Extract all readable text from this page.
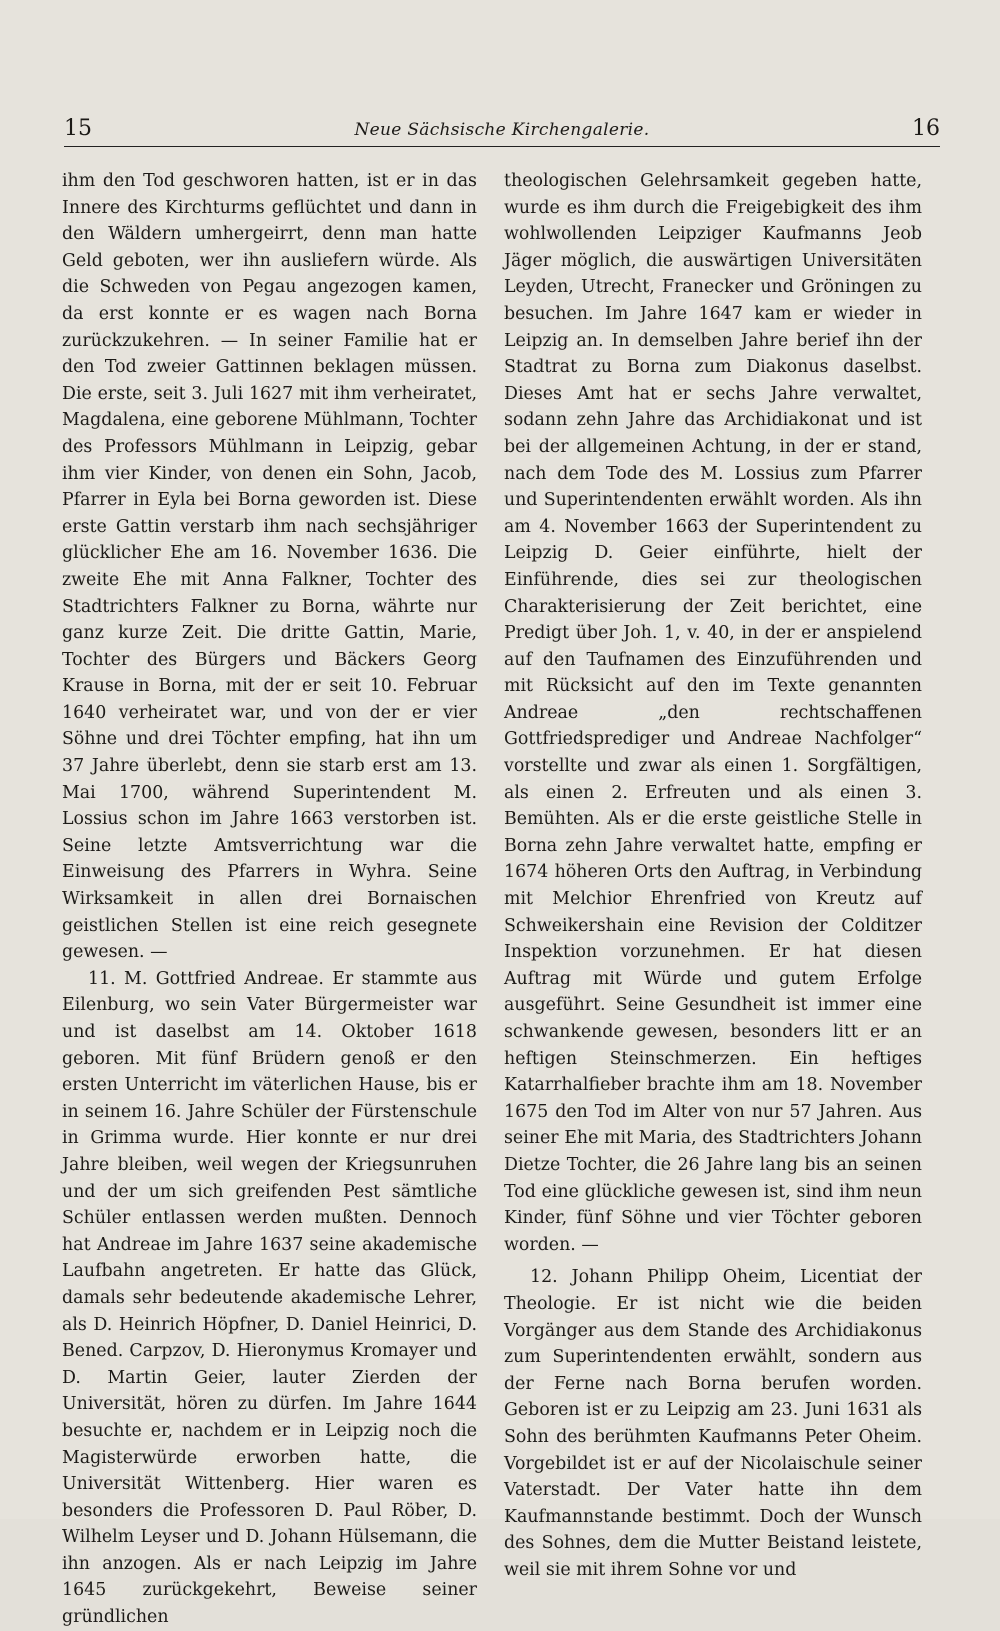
15	Neue Sächsische Kirchengalerie.	16

ihm den Tod geschworen hatten, ist er in das Innere des Kirchturms geflüchtet und dann in den Wäldern umhergeirrt, denn man hatte Geld geboten, wer ihn ausliefern würde. Als die Schweden von Pegau angezogen kamen, da erst konnte er es wagen nach Borna zurückzukehren. — In seiner Familie hat er den Tod zweier Gattinnen beklagen müssen. Die erste, seit 3. Juli 1627 mit ihm verheiratet, Magdalena, eine geborene Mühlmann, Tochter des Professors Mühlmann in Leipzig, gebar ihm vier Kinder, von denen ein Sohn, Jacob, Pfarrer in Eyla bei Borna geworden ist. Diese erste Gattin verstarb ihm nach sechsjähriger glücklicher Ehe am 16. November 1636. Die zweite Ehe mit Anna Falkner, Tochter des Stadtrichters Falkner zu Borna, währte nur ganz kurze Zeit. Die dritte Gattin, Marie, Tochter des Bürgers und Bäckers Georg Krause in Borna, mit der er seit 10. Februar 1640 verheiratet war, und von der er vier Söhne und drei Töchter empfing, hat ihn um 37 Jahre überlebt, denn sie starb erst am 13. Mai 1700, während Superintendent M. Lossius schon im Jahre 1663 verstorben ist. Seine letzte Amtsverrichtung war die Einweisung des Pfarrers in Wyhra. Seine Wirksamkeit in allen drei Bornaischen geistlichen Stellen ist eine reich gesegnete gewesen. —

11. M. Gottfried Andreae. Er stammte aus Eilenburg, wo sein Vater Bürgermeister war und ist daselbst am 14. Oktober 1618 geboren. Mit fünf Brüdern genoß er den ersten Unterricht im väterlichen Hause, bis er in seinem 16. Jahre Schüler der Fürstenschule in Grimma wurde. Hier konnte er nur drei Jahre bleiben, weil wegen der Kriegsunruhen und der um sich greifenden Pest sämtliche Schüler entlassen werden mußten. Dennoch hat Andreae im Jahre 1637 seine akademische Laufbahn angetreten. Er hatte das Glück, damals sehr bedeutende akademische Lehrer, als D. Heinrich Höpfner, D. Daniel Heinrici, D. Bened. Carpzov, D. Hieronymus Kromayer und D. Martin Geier, lauter Zierden der Universität, hören zu dürfen. Im Jahre 1644 besuchte er, nachdem er in Leipzig noch die Magisterwürde erworben hatte, die Universität Wittenberg. Hier waren es besonders die Professoren D. Paul Röber, D. Wilhelm Leyser und D. Johann Hülsemann, die ihn anzogen. Als er nach Leipzig im Jahre 1645 zurückgekehrt, Beweise seiner gründlichen

theologischen Gelehrsamkeit gegeben hatte, wurde es ihm durch die Freigebigkeit des ihm wohlwollenden Leipziger Kaufmanns Jeob Jäger möglich, die auswärtigen Universitäten Leyden, Utrecht, Franecker und Gröningen zu besuchen. Im Jahre 1647 kam er wieder in Leipzig an. In demselben Jahre berief ihn der Stadtrat zu Borna zum Diakonus daselbst. Dieses Amt hat er sechs Jahre verwaltet, sodann zehn Jahre das Archidiakonat und ist bei der allgemeinen Achtung, in der er stand, nach dem Tode des M. Lossius zum Pfarrer und Superintendenten erwählt worden. Als ihn am 4. November 1663 der Superintendent zu Leipzig D. Geier einführte, hielt der Einführende, dies sei zur theologischen Charakterisierung der Zeit berichtet, eine Predigt über Joh. 1, v. 40, in der er anspielend auf den Taufnamen des Einzuführenden und mit Rücksicht auf den im Texte genannten Andreae „den rechtschaffenen Gottfriedsprediger und Andreae Nachfolger“ vorstellte und zwar als einen 1. Sorgfältigen, als einen 2. Erfreuten und als einen 3. Bemühten. Als er die erste geistliche Stelle in Borna zehn Jahre verwaltet hatte, empfing er 1674 höheren Orts den Auftrag, in Verbindung mit Melchior Ehrenfried von Kreutz auf Schweikershain eine Revision der Colditzer Inspektion vorzunehmen. Er hat diesen Auftrag mit Würde und gutem Erfolge ausgeführt. Seine Gesundheit ist immer eine schwankende gewesen, besonders litt er an heftigen Steinschmerzen. Ein heftiges Katarrhalfieber brachte ihm am 18. November 1675 den Tod im Alter von nur 57 Jahren. Aus seiner Ehe mit Maria, des Stadtrichters Johann Dietze Tochter, die 26 Jahre lang bis an seinen Tod eine glückliche gewesen ist, sind ihm neun Kinder, fünf Söhne und vier Töchter geboren worden. —

12. Johann Philipp Oheim, Licentiat der Theologie. Er ist nicht wie die beiden Vorgänger aus dem Stande des Archidiakonus zum Superintendenten erwählt, sondern aus der Ferne nach Borna berufen worden. Geboren ist er zu Leipzig am 23. Juni 1631 als Sohn des berühmten Kaufmanns Peter Oheim. Vorgebildet ist er auf der Nicolaischule seiner Vaterstadt. Der Vater hatte ihn dem Kaufmannstande bestimmt. Doch der Wunsch des Sohnes, dem die Mutter Beistand leistete, weil sie mit ihrem Sohne vor und
